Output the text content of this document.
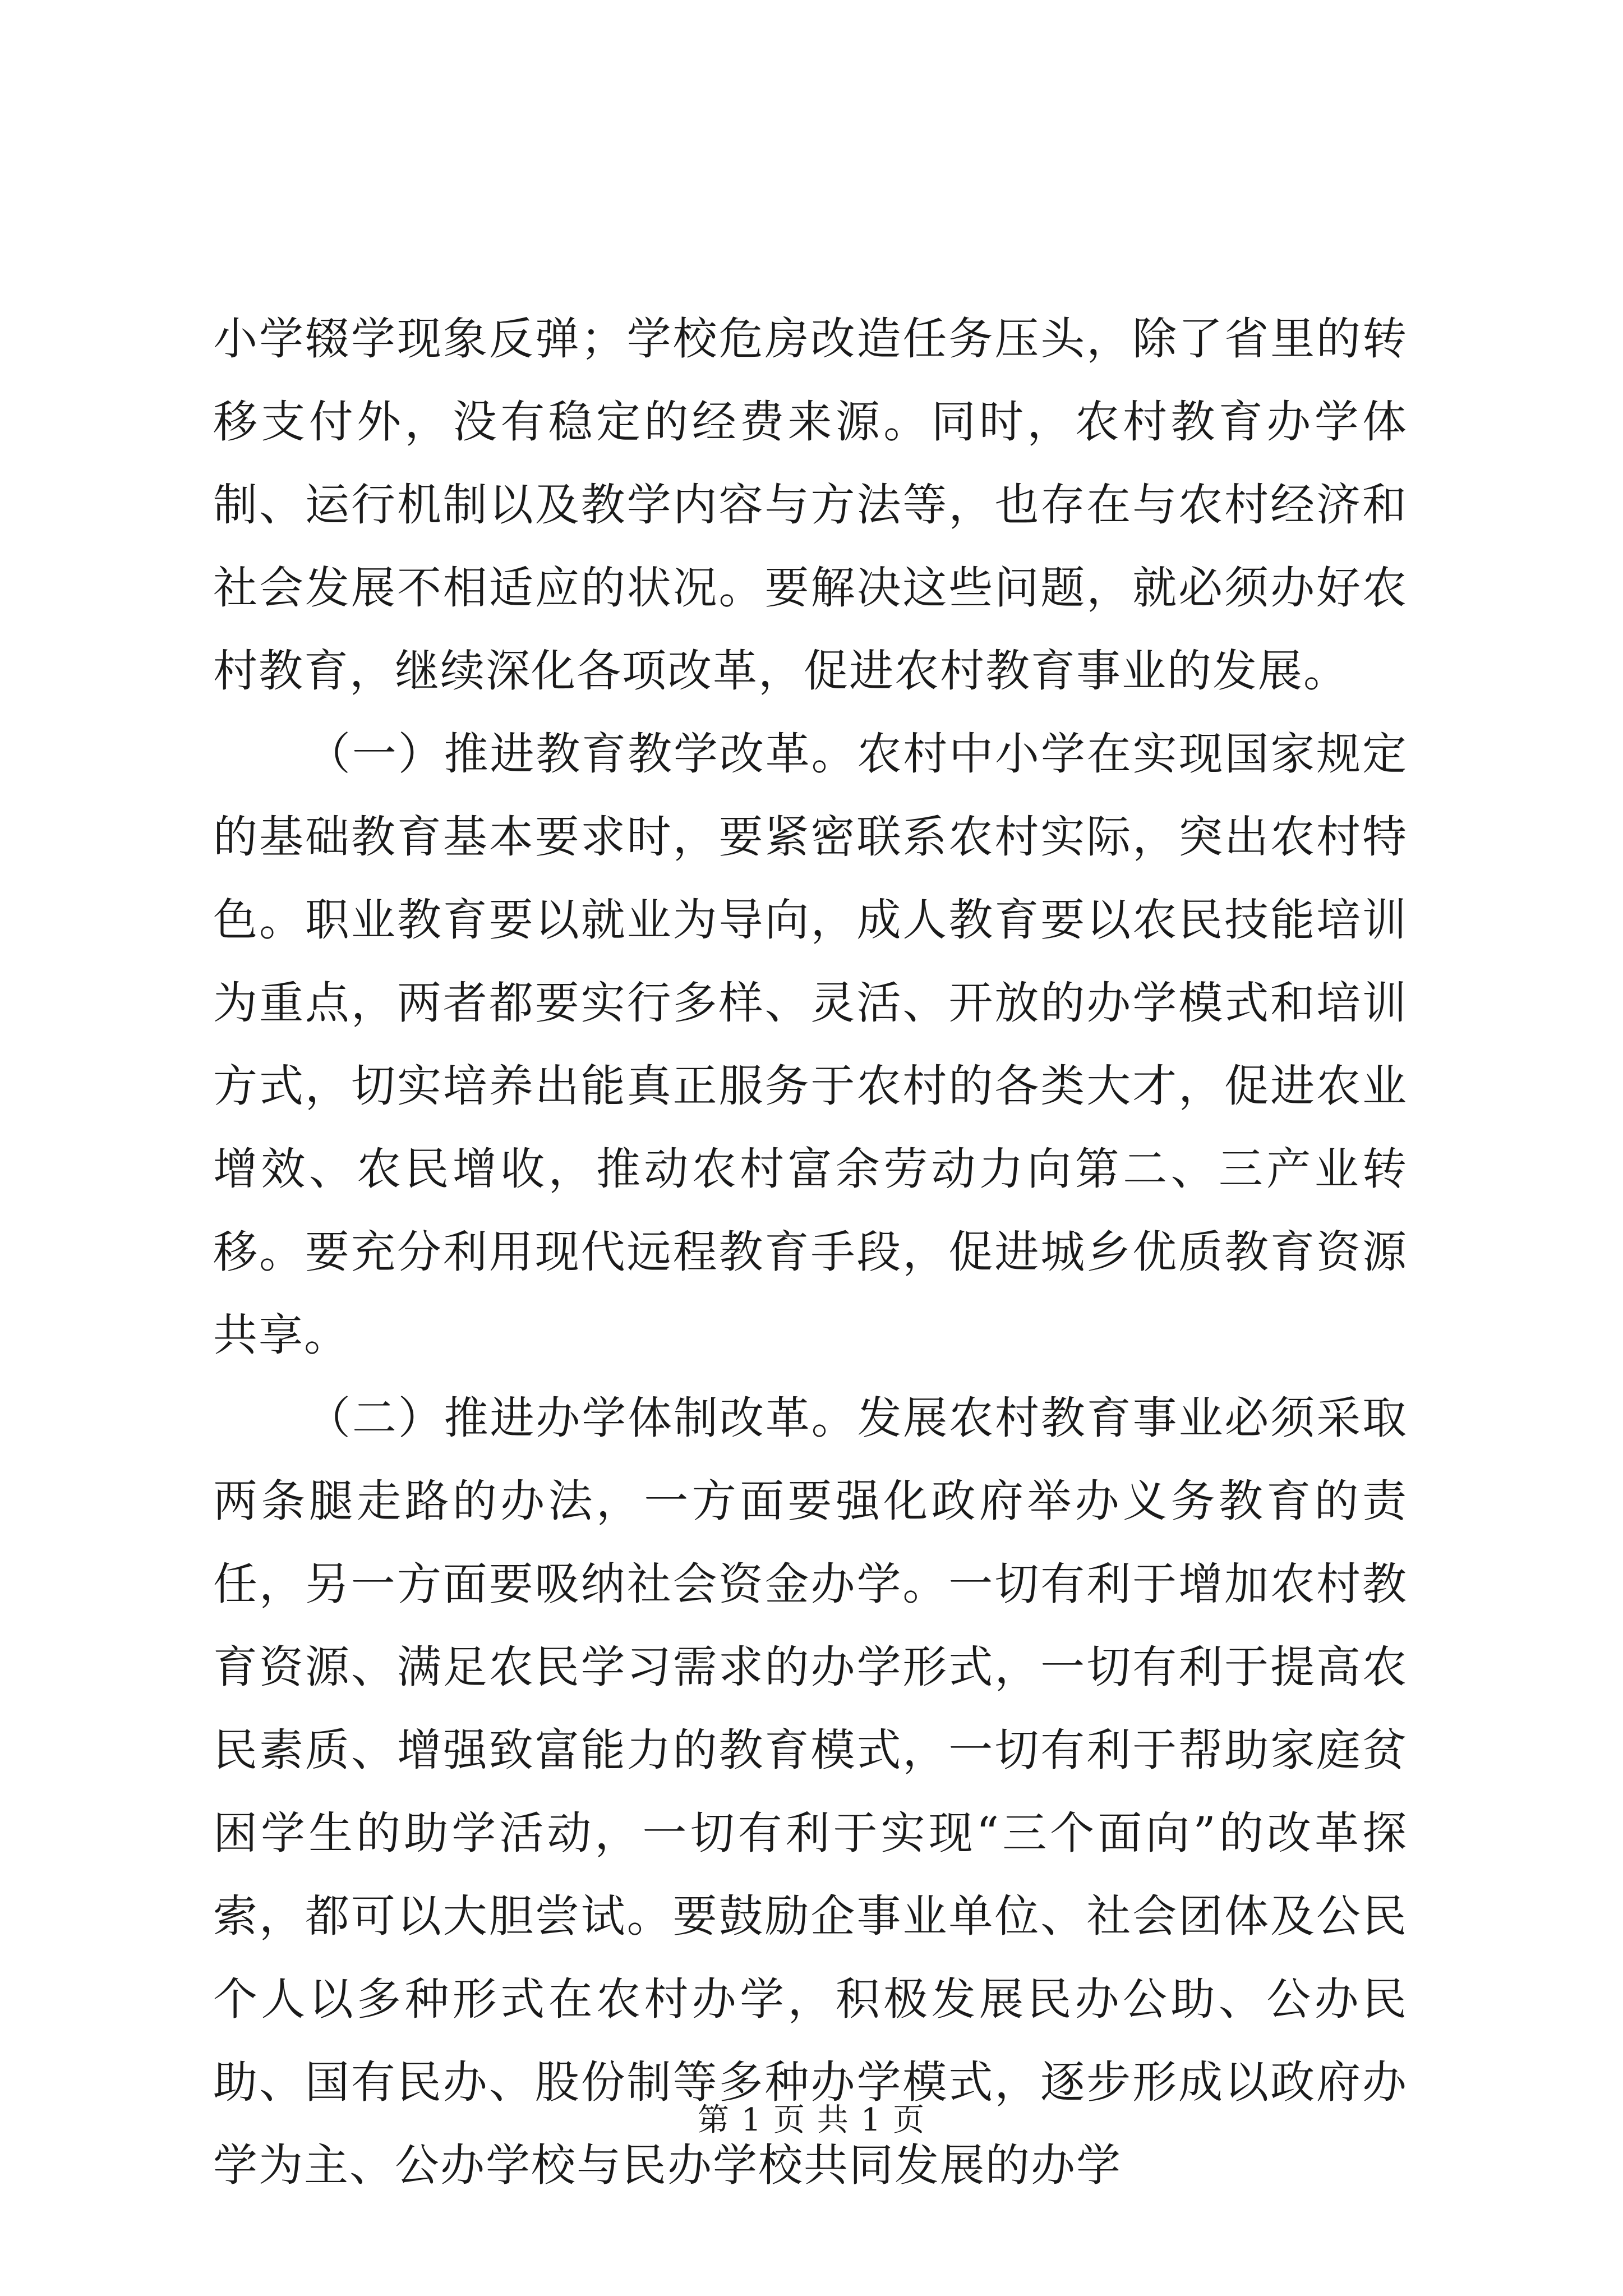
小学辍学现象反弹；学校危房改造任务压头，除了省里的转移支付外，没有稳定的经费来源。同时，农村教育办学体制、运行机制以及教学内容与方法等，也存在与农村经济和社会发展不相适应的状况。要解决这些问题，就必须办好农村教育，继续深化各项改革，促进农村教育事业的发展。

（一）推进教育教学改革。农村中小学在实现国家规定的基础教育基本要求时，要紧密联系农村实际，突出农村特色。职业教育要以就业为导向，成人教育要以农民技能培训为重点，两者都要实行多样、灵活、开放的办学模式和培训方式，切实培养出能真正服务于农村的各类大才，促进农业增效、农民增收，推动农村富余劳动力向第二、三产业转移。要充分利用现代远程教育手段，促进城乡优质教育资源共享。

（二）推进办学体制改革。发展农村教育事业必须采取两条腿走路的办法，一方面要强化政府举办义务教育的责任，另一方面要吸纳社会资金办学。一切有利于增加农村教育资源、满足农民学习需求的办学形式，一切有利于提高农民素质、增强致富能力的教育模式，一切有利于帮助家庭贫困学生的助学活动，一切有利于实现“三个面向”的改革探索，都可以大胆尝试。要鼓励企事业单位、社会团体及公民个人以多种形式在农村办学，积极发展民办公助、公办民助、国有民办、股份制等多种办学模式，逐步形成以政府办学为主、公办学校与民办学校共同发展的办学

第 1 页 共 1 页
